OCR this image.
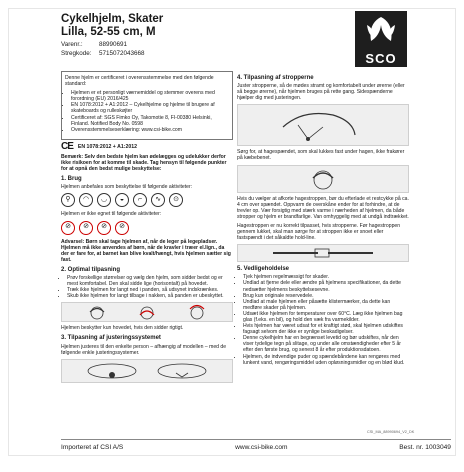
Cykelhjelm, Skater
Lilla, 52-55 cm, M
Varenr.:	88990691
Stregkode: 5715072043668	SCO

Denne hjelm er certificeret i overensstemmelse med den følgende standard:

• Hjelmen er et personligt værnemiddel og stemmer overens med forordning (EU) 2016/425
• EN 1078:2012 + A1:2012 – Cykelhjelme og hjelme til brugere af skateboards og rulleskøjter
• Certificeret af: SGS Fimko Oy, Takomotie 8, FI-00380 Helsinki, Finland. Notified Body No. 0598
• Overensstemmelseserklæring: www.csi-bike.com
CE EN 1078:2012 + A1:2012

Bemærk: Selv den bedste hjelm kan ødelægges og udelukker derfor ikke risikoen for at komme til skade. Tag hensyn til følgende punkter for at opnå den bedst mulige beskyttelse:

1. Brug

Hjelmen anbefales som beskyttelse til følgende aktiviteter:

⚲	◠	◡	◒	⌐	∿	⊙

Hjelmen er ikke egnet til følgende aktiviteter:

⊘	⊘	⊘	⊘

Advarsel: Børn skal tage hjelmen af, når de leger på legepladser. Hjelmen må ikke anvendes af børn, når de kravler i træer el.lign., da der er fare for, at barnet kan blive kvalt/hængt, hvis hjelmen sætter sig fast.

2. Optimal tilpasning
• Prøv forskellige størrelser og vælg den hjelm, som sidder bedst og er mest komfortabel. Den skal sidde lige (horisontalt) på hovedet.
• Træk ikke hjelmen for langt ned i panden, så udsynet indskrænkes.
• Skub ikke hjelmen for langt tilbage i nakken, så panden er ubeskyttet.

Hjelmen beskytter kun hovedet, hvis den sidder rigtigt.

3. Tilpasning af justeringssystemet

Hjelmen justeres til den enkelte person – afhængig af modellen – med de følgende enkle justeringssystemer.

4. Tilpasning af stropperne

Juster stropperne, så de mødes stramt og komfortabelt under ørerne (eller så begge ørerne), når hjelmen bruges på rette gang. Sidespænderne hjælper dig med justeringen.

Sørg for, at hagespændet, som skal lukkes fast under hagen, ikke frakører på kæbebenet.

Hvis du vælger at afkorte hagestroppen, bør du efterlade et restcykke på ca. 4 cm over spændet. Oppvarm de overskåne ender for at forhindre, at de trevler op. Vær forsigtig med stærk varme i nærheden af hjelmen, da både stropper og hjelm er brandfarlige. Van omhyggelig med at undgå indtrækket.

Hagestroppen er nu korrekt tilpasset, hvis stropperne. Før hagestroppen gennem lukket, skal man sørge for at stroppen ikke er snoet eller fastspændt i det såkaldte hold-line.

5. Vedligeholdelse
• Tjek hjelmen regelmæssigt for skader.
• Undlad at fjerne dele eller ændre på hjelmens specifikationer, da dette nedsætter hjelmens beskyttelsesevne.
• Brug kun originale reservedele.
• Undlad at male hjelmen eller påsætte klistermærker, da dette kan medføre skader på hjelmen.
• Udsæt ikke hjelmen for temperaturer over 60°C. Læg ikke hjelmen bag glas (f.eks. en bil), og hold den væk fra varmekilder.
• Hvis hjelmen har været udsat for et kraftigt stød, skal hjelmen udskiftes fagsagt selvom der ikke er synlige beskadigelser.
• Denne cykelhjelm har en begrænset levetid og bør udskiftes, når den viser tydelige tegn på slitage, og under alle omstændigheder efter 5 år efter den første brug, og senest 8 år efter produktionsdatoen.
• Hjelmen, de indvendige puder og spændebåndene kan rengøres med lunkent vand, rengøringsmiddel uden opløsningsmidler og en blød klud.
CSI_MA_88990694_V2_DK
Importeret af CSI A/S	www.csi-bike.com	Best. nr. 1003049
